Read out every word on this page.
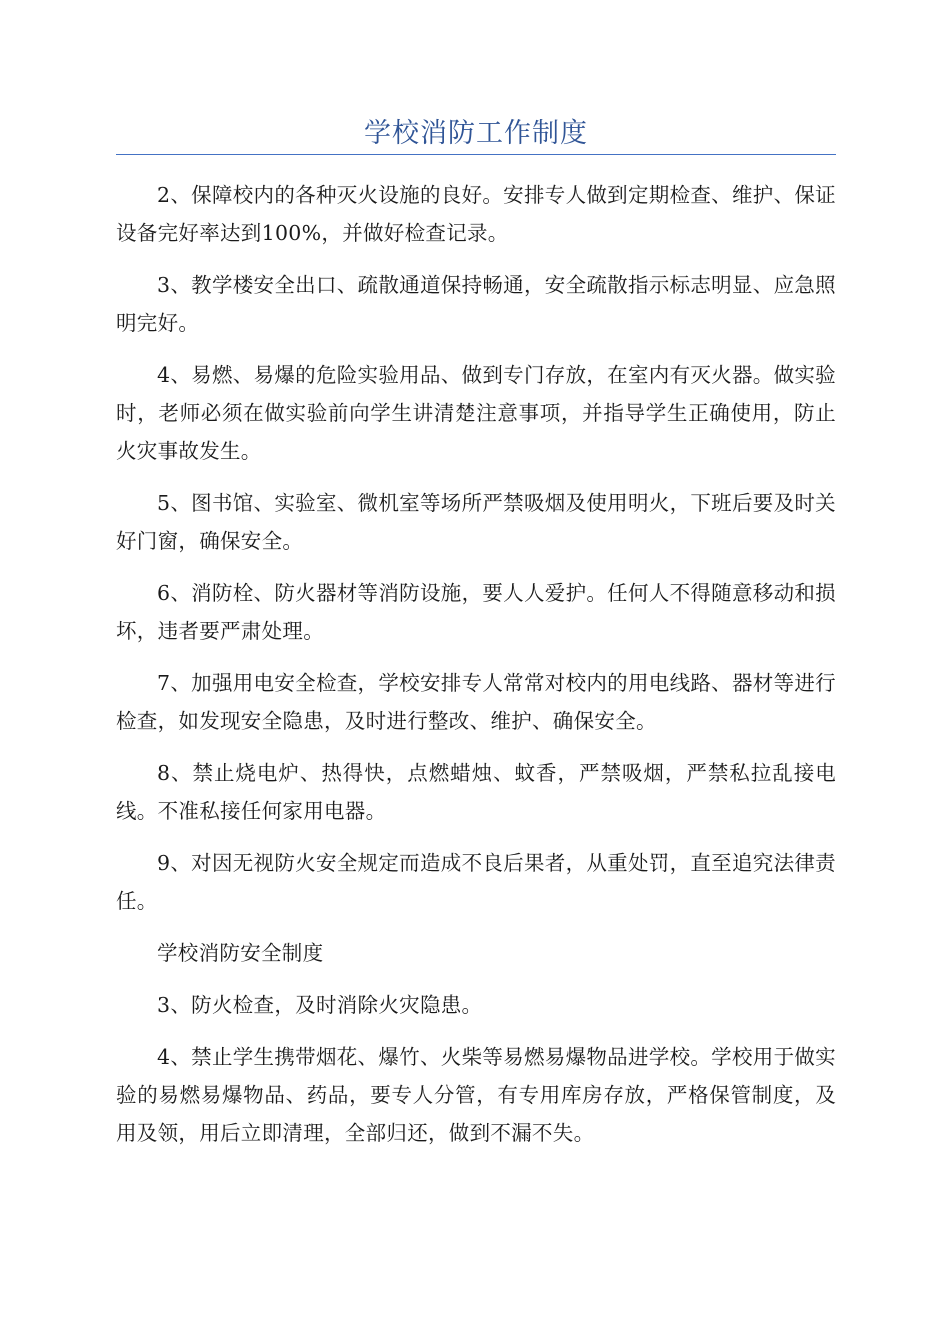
学校消防工作制度

2、保障校内的各种灭火设施的良好。安排专人做到定期检查、维护、保证设备完好率达到100%，并做好检查记录。

3、教学楼安全出口、疏散通道保持畅通，安全疏散指示标志明显、应急照明完好。

4、易燃、易爆的危险实验用品、做到专门存放，在室内有灭火器。做实验时，老师必须在做实验前向学生讲清楚注意事项，并指导学生正确使用，防止火灾事故发生。

5、图书馆、实验室、微机室等场所严禁吸烟及使用明火，下班后要及时关好门窗，确保安全。

6、消防栓、防火器材等消防设施，要人人爱护。任何人不得随意移动和损坏，违者要严肃处理。

7、加强用电安全检查，学校安排专人常常对校内的用电线路、器材等进行检查，如发现安全隐患，及时进行整改、维护、确保安全。

8、禁止烧电炉、热得快，点燃蜡烛、蚊香，严禁吸烟，严禁私拉乱接电线。不准私接任何家用电器。

9、对因无视防火安全规定而造成不良后果者，从重处罚，直至追究法律责任。

学校消防安全制度

3、防火检查，及时消除火灾隐患。

4、禁止学生携带烟花、爆竹、火柴等易燃易爆物品进学校。学校用于做实验的易燃易爆物品、药品，要专人分管，有专用库房存放，严格保管制度，及用及领，用后立即清理，全部归还，做到不漏不失。
